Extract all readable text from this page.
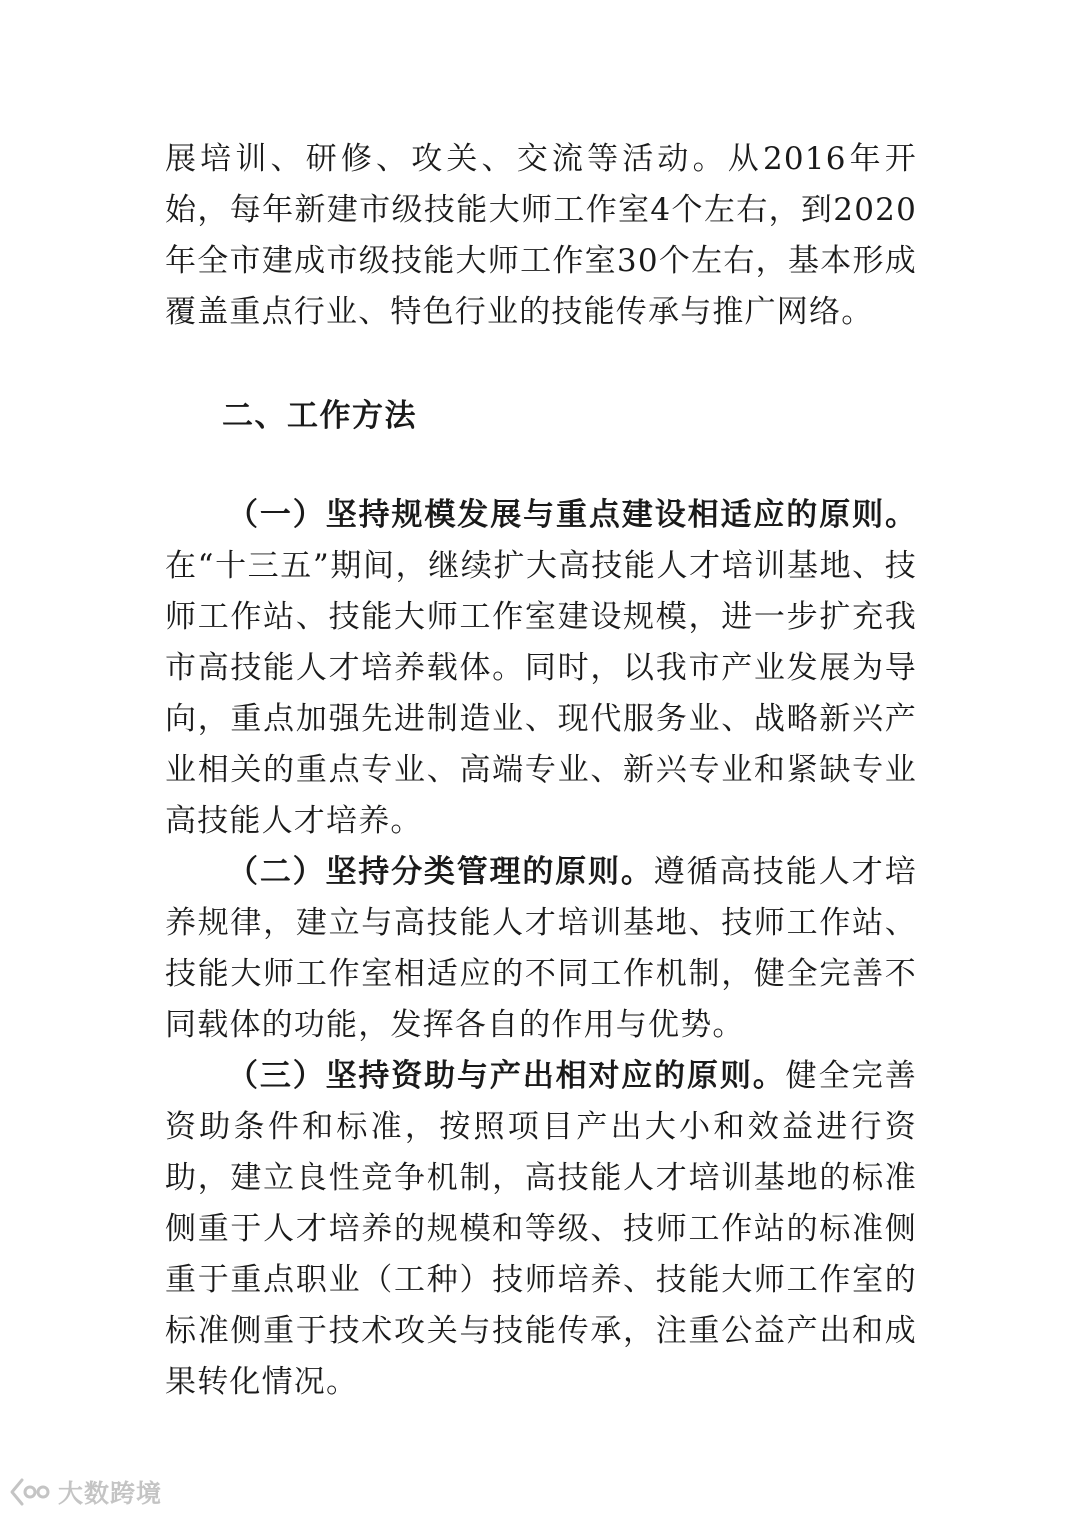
展培训、研修、攻关、交流等活动。从2016年开始，每年新建市级技能大师工作室4个左右，到2020年全市建成市级技能大师工作室30个左右，基本形成覆盖重点行业、特色行业的技能传承与推广网络。
二、工作方法

（一）坚持规模发展与重点建设相适应的原则。在“十三五”期间，继续扩大高技能人才培训基地、技师工作站、技能大师工作室建设规模，进一步扩充我市高技能人才培养载体。同时，以我市产业发展为导向，重点加强先进制造业、现代服务业、战略新兴产业相关的重点专业、高端专业、新兴专业和紧缺专业高技能人才培养。

（二）坚持分类管理的原则。遵循高技能人才培养规律，建立与高技能人才培训基地、技师工作站、技能大师工作室相适应的不同工作机制，健全完善不同载体的功能，发挥各自的作用与优势。

（三）坚持资助与产出相对应的原则。健全完善资助条件和标准，按照项目产出大小和效益进行资助，建立良性竞争机制，高技能人才培训基地的标准侧重于人才培养的规模和等级、技师工作站的标准侧重于重点职业（工种）技师培养、技能大师工作室的标准侧重于技术攻关与技能传承，注重公益产出和成果转化情况。

大数跨境
